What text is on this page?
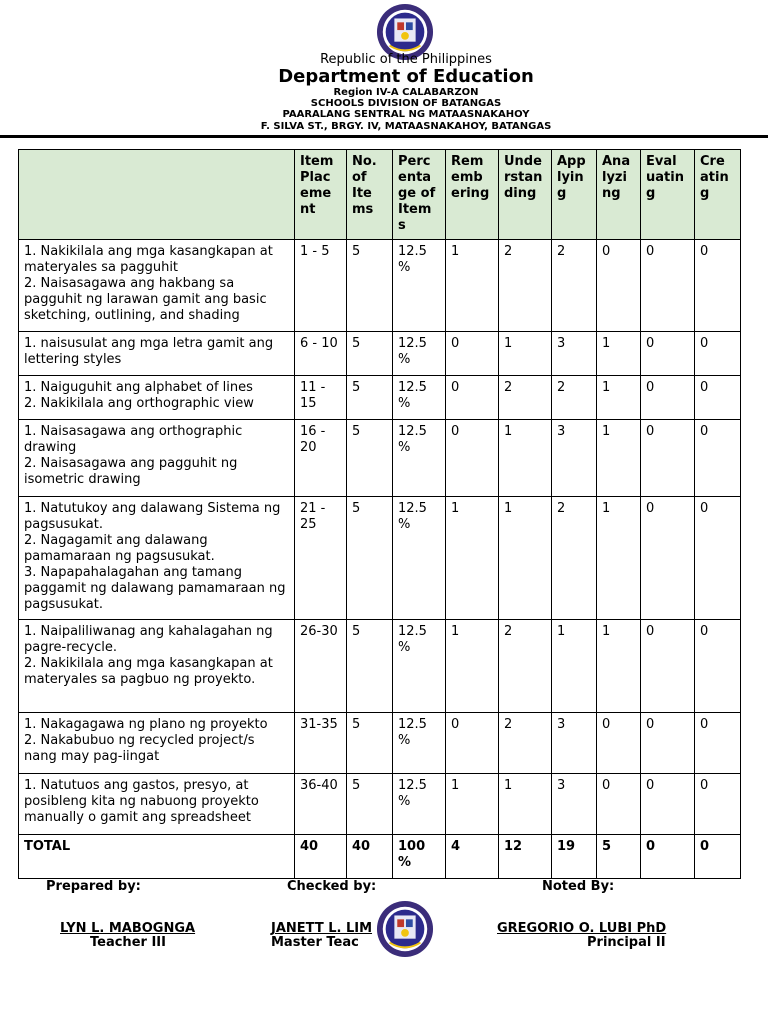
Republic of the Philippines
Department of Education
Region IV-A CALABARZON
SCHOOLS DIVISION OF BATANGAS
PAARALANG SENTRAL NG MATAASNAKAHOY
F. SILVA ST., BRGY. IV, MATAASNAKAHOY, BATANGAS
	Item Plac eme nt	No. of Ite ms	Perc enta ge of Item s	Rem emb ering	Unde rstan ding	App lyin g	Ana lyzi ng	Eval uatin g	Cre atin g
1. Nakikilala ang mga kasangkapan at materyales sa pagguhit
2. Naisasagawa ang hakbang sa pagguhit ng larawan gamit ang basic sketching, outlining, and shading	1 - 5	5	12.5 %	1	2	2	0	0	0
1. naisusulat ang mga letra gamit ang lettering styles	6 - 10	5	12.5 %	0	1	3	1	0	0
1. Naiguguhit ang alphabet of lines
2. Nakikilala ang orthographic view	11 - 15	5	12.5 %	0	2	2	1	0	0
1. Naisasagawa ang orthographic drawing
2. Naisasagawa ang pagguhit ng isometric drawing	16 - 20	5	12.5 %	0	1	3	1	0	0
1. Natutukoy ang dalawang Sistema ng pagsusukat.
2. Nagagamit ang dalawang pamamaraan ng pagsusukat.
3. Napapahalagahan ang tamang paggamit ng dalawang pamamaraan ng pagsusukat.	21 - 25	5	12.5 %	1	1	2	1	0	0
1. Naipaliliwanag ang kahalagahan ng pagre-recycle.
2. Nakikilala ang mga kasangkapan at materyales sa pagbuo ng proyekto.	26-30	5	12.5 %	1	2	1	1	0	0
1. Nakagagawa ng plano ng proyekto
2. Nakabubuo ng recycled project/s nang may pag-iingat	31-35	5	12.5 %	0	2	3	0	0	0
1. Natutuos ang gastos, presyo, at posibleng kita ng nabuong proyekto manually o gamit ang spreadsheet	36-40	5	12.5 %	1	1	3	0	0	0
TOTAL	40	40	100 %	4	12	19	5	0	0
Prepared by:	Checked by:	Noted By:
LYN L. MABOGNGA
Teacher III
JANETT L. LIM
Master Teac
GREGORIO O. LUBI PhD
Principal II
